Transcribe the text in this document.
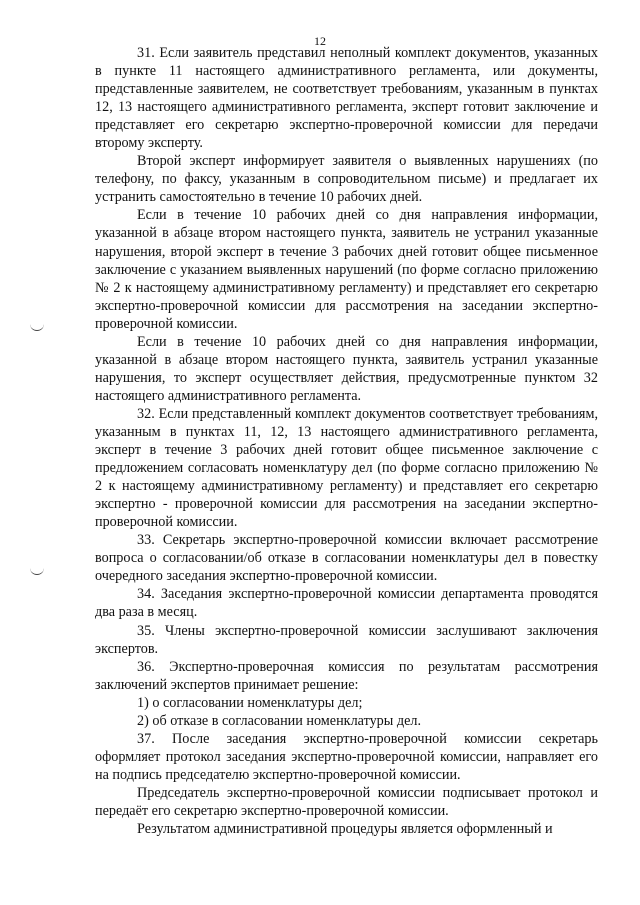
12

31. Если заявитель представил неполный комплект документов, указанных в пункте 11 настоящего административного регламента, или документы, представленные заявителем, не соответствует требованиям, указанным в пунктах 12, 13 настоящего административного регламента, эксперт готовит заключение и представляет его секретарю экспертно-проверочной комиссии для передачи второму эксперту.

Второй эксперт информирует заявителя о выявленных нарушениях (по телефону, по факсу, указанным в сопроводительном письме) и предлагает их устранить самостоятельно в течение 10 рабочих дней.

Если в течение 10 рабочих дней со дня направления информации, указанной в абзаце втором настоящего пункта, заявитель не устранил указанные нарушения, второй эксперт в течение 3 рабочих дней готовит общее письменное заключение с указанием выявленных нарушений (по форме согласно приложению № 2 к настоящему административному регламенту) и представляет его секретарю экспертно-проверочной комиссии для рассмотрения на заседании экспертно-проверочной комиссии.

Если в течение 10 рабочих дней со дня направления информации, указанной в абзаце втором настоящего пункта, заявитель устранил указанные нарушения, то эксперт осуществляет действия, предусмотренные пунктом 32 настоящего административного регламента.

32. Если представленный комплект документов соответствует требованиям, указанным в пунктах 11, 12, 13 настоящего административного регламента, эксперт в течение 3 рабочих дней готовит общее письменное заключение с предложением согласовать номенклатуру дел (по форме согласно приложению № 2 к настоящему административному регламенту) и представляет его секретарю экспертно - проверочной комиссии для рассмотрения на заседании экспертно-проверочной комиссии.

33. Секретарь экспертно-проверочной комиссии включает рассмотрение вопроса о согласовании/об отказе в согласовании номенклатуры дел в повестку очередного заседания экспертно-проверочной комиссии.

34. Заседания экспертно-проверочной комиссии департамента проводятся два раза в месяц.

35. Члены экспертно-проверочной комиссии заслушивают заключения экспертов.

36. Экспертно-проверочная комиссия по результатам рассмотрения заключений экспертов принимает решение:

1) о согласовании номенклатуры дел;

2) об отказе в согласовании номенклатуры дел.

37. После заседания экспертно-проверочной комиссии секретарь оформляет протокол заседания экспертно-проверочной комиссии, направляет его на подпись председателю экспертно-проверочной комиссии.

Председатель экспертно-проверочной комиссии подписывает протокол и передаёт его секретарю экспертно-проверочной комиссии.

Результатом административной процедуры является оформленный и
